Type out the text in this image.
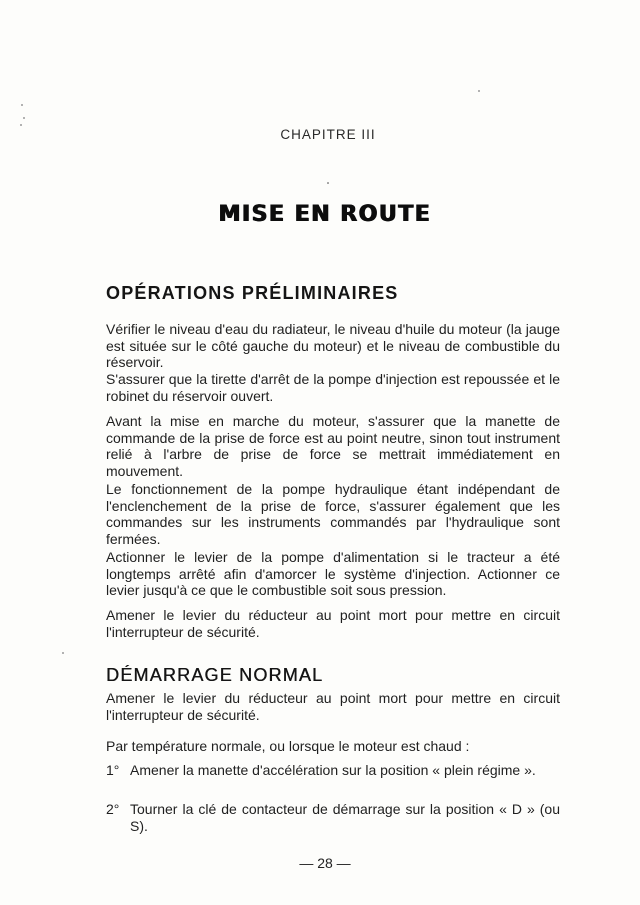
CHAPITRE III
MISE EN ROUTE
OPÉRATIONS PRÉLIMINAIRES

Vérifier le niveau d'eau du radiateur, le niveau d'huile du moteur (la jauge est située sur le côté gauche du moteur) et le niveau de combustible du réservoir.

S'assurer que la tirette d'arrêt de la pompe d'injection est repoussée et le robinet du réservoir ouvert.

Avant la mise en marche du moteur, s'assurer que la manette de commande de la prise de force est au point neutre, sinon tout instrument relié à l'arbre de prise de force se mettrait immédiatement en mouvement.

Le fonctionnement de la pompe hydraulique étant indépendant de l'enclenchement de la prise de force, s'assurer également que les commandes sur les instruments commandés par l'hydraulique sont fermées.

Actionner le levier de la pompe d'alimentation si le tracteur a été longtemps arrêté afin d'amorcer le système d'injection. Actionner ce levier jusqu'à ce que le combustible soit sous pression.

Amener le levier du réducteur au point mort pour mettre en circuit l'interrupteur de sécurité.

DÉMARRAGE NORMAL

Amener le levier du réducteur au point mort pour mettre en circuit l'interrupteur de sécurité.

Par température normale, ou lorsque le moteur est chaud :

1° Amener la manette d'accélération sur la position « plein régime ».
2° Tourner la clé de contacteur de démarrage sur la position « D » (ou S).
— 28 —
